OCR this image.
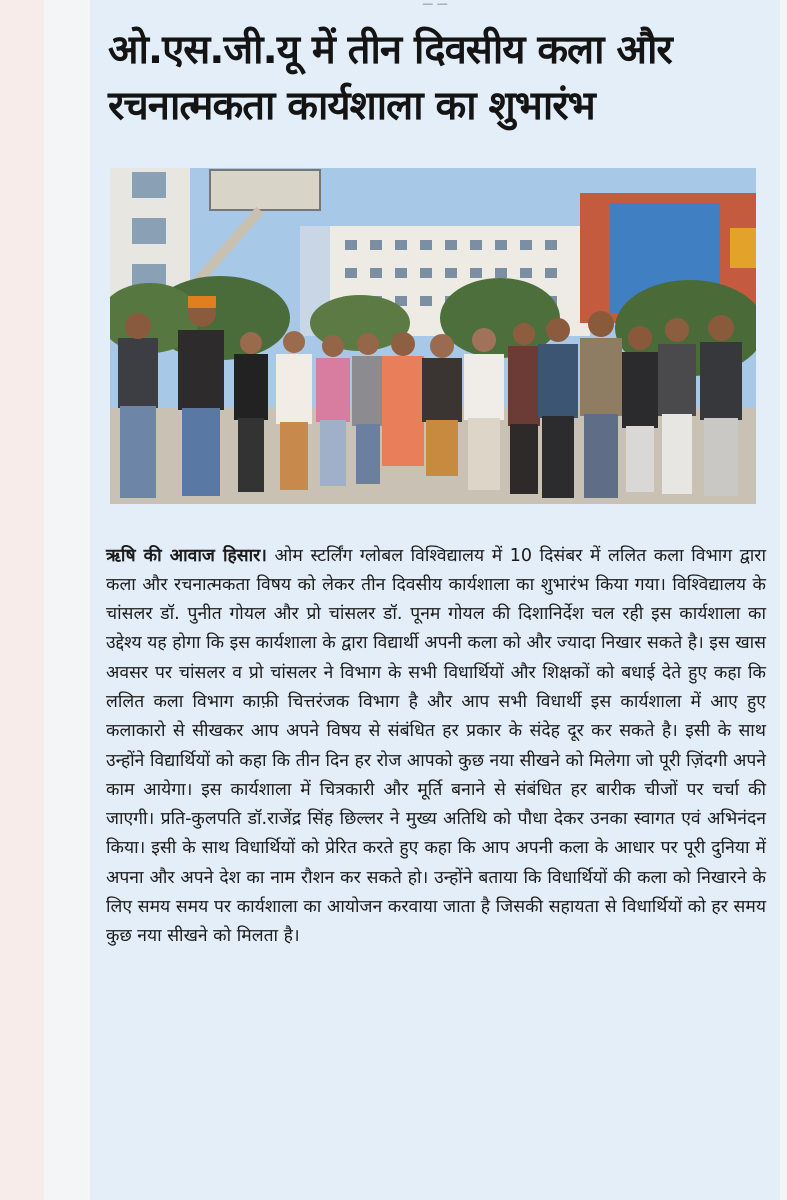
— —
ओ.एस.जी.यू में तीन दिवसीय कला और रचनात्मकता कार्यशाला का शुभारंभ

ऋषि की आवाज हिसार। ओम स्टर्लिंग ग्लोबल विश्विद्यालय में 10 दिसंबर में ललित कला विभाग द्वारा कला और रचनात्मकता विषय को लेकर तीन दिवसीय कार्यशाला का शुभारंभ किया गया। विश्विद्यालय के चांसलर डॉ. पुनीत गोयल और प्रो चांसलर डॉ. पूनम गोयल की दिशानिर्देश चल रही इस कार्यशाला का उद्देश्य यह होगा कि इस कार्यशाला के द्वारा विद्यार्थी अपनी कला को और ज्यादा निखार सकते है। इस खास अवसर पर चांसलर व प्रो चांसलर ने विभाग के सभी विधार्थियों और शिक्षकों को बधाई देते हुए कहा कि ललित कला विभाग काफ़ी चित्तरंजक विभाग है और आप सभी विधार्थी इस कार्यशाला में आए हुए कलाकारो से सीखकर आप अपने विषय से संबंधित हर प्रकार के संदेह दूर कर सकते है। इसी के साथ उन्होंने विद्यार्थियों को कहा कि तीन दिन हर रोज आपको कुछ नया सीखने को मिलेगा जो पूरी ज़िंदगी अपने काम आयेगा। इस कार्यशाला में चित्रकारी और मूर्ति बनाने से संबंधित हर बारीक चीजों पर चर्चा की जाएगी। प्रति-कुलपति डॉ.राजेंद्र सिंह छिल्लर ने मुख्य अतिथि को पौधा देकर उनका स्वागत एवं अभिनंदन किया। इसी के साथ विधार्थियों को प्रेरित करते हुए कहा कि आप अपनी कला के आधार पर पूरी दुनिया में अपना और अपने देश का नाम रौशन कर सकते हो। उन्होंने बताया कि विधार्थियों की कला को निखारने के लिए समय समय पर कार्यशाला का आयोजन करवाया जाता है जिसकी सहायता से विधार्थियों को हर समय कुछ नया सीखने को मिलता है।
